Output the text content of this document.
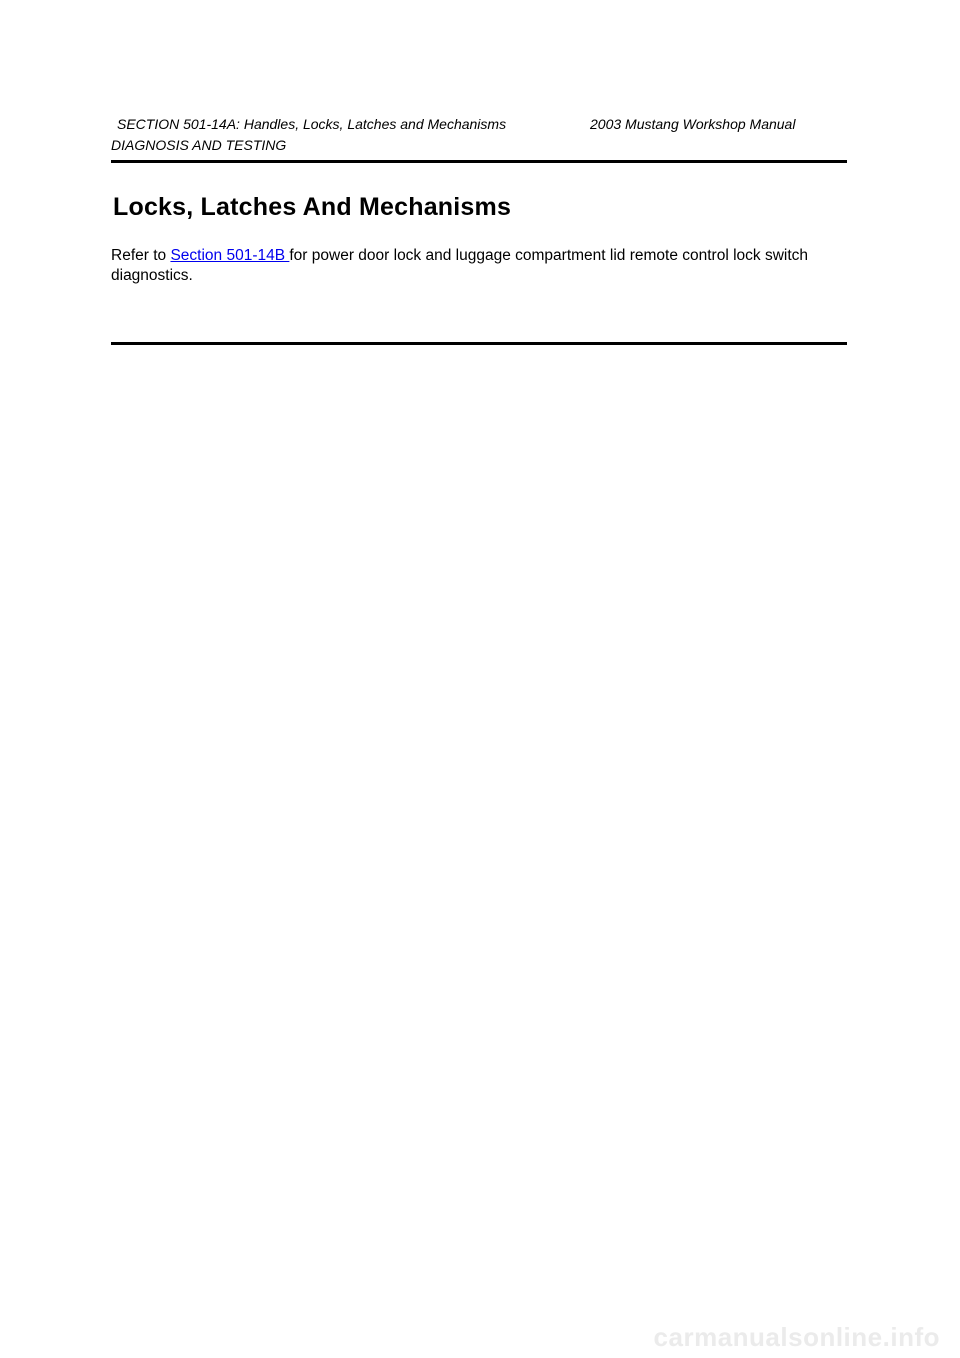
SECTION 501-14A: Handles, Locks, Latches and Mechanisms	2003 Mustang Workshop Manual
DIAGNOSIS AND TESTING
Locks, Latches And Mechanisms

Refer to Section 501-14B for power door lock and luggage compartment lid remote control lock switch diagnostics.

carmanualsonline.info
